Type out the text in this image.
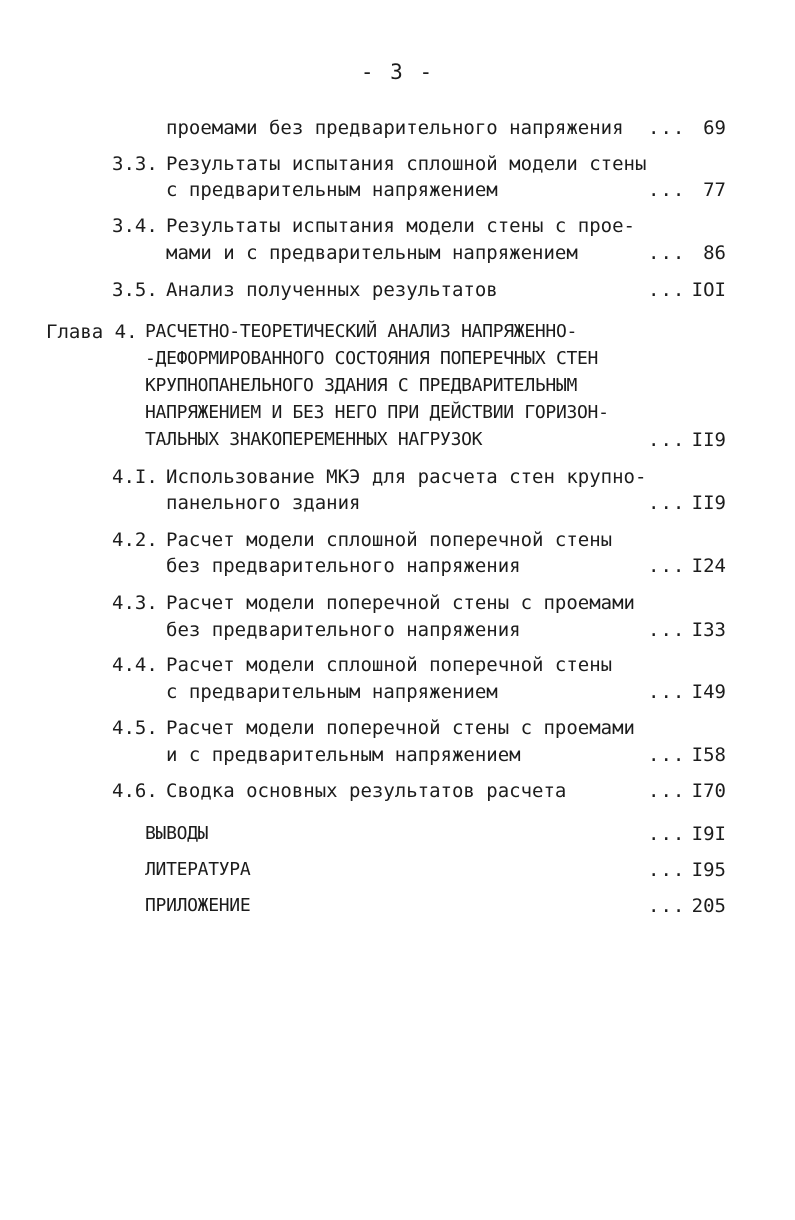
- 3 -
проемами без предварительного напряжения ... 69
3.3. Результаты испытания сплошной модели стены
с предварительным напряжением	... 77
3.4. Результаты испытания модели стены с прое-
мами и с предварительным напряжением	... 86
3.5. Анализ полученных результатов	... IOI
Глава 4. РАСЧЕТНО-ТЕОРЕТИЧЕСКИЙ АНАЛИЗ НАПРЯЖЕННО-
-ДЕФОРМИРОВАННОГО СОСТОЯНИЯ ПОПЕРЕЧНЫХ СТЕН
КРУПНОПАНЕЛЬНОГО ЗДАНИЯ С ПРЕДВАРИТЕЛЬНЫМ
НАПРЯЖЕНИЕМ И БЕЗ НЕГО ПРИ ДЕЙСТВИИ ГОРИЗОН-
ТАЛЬНЫХ ЗНАКОПЕРЕМЕННЫХ НАГРУЗОК	... II9
4.I. Использование МКЭ для расчета стен крупно-
панельного здания	... II9
4.2. Расчет модели сплошной поперечной стены
без предварительного напряжения	... I24
4.3. Расчет модели поперечной стены с проемами
без предварительного напряжения	... I33
4.4. Расчет модели сплошной поперечной стены
с предварительным напряжением	... I49
4.5. Расчет модели поперечной стены с проемами
и с предварительным напряжением	... I58
4.6. Сводка основных результатов расчета	... I70
ВЫВОДЫ	... I9I
ЛИТЕРАТУРА	... I95
ПРИЛОЖЕНИЕ	... 205
